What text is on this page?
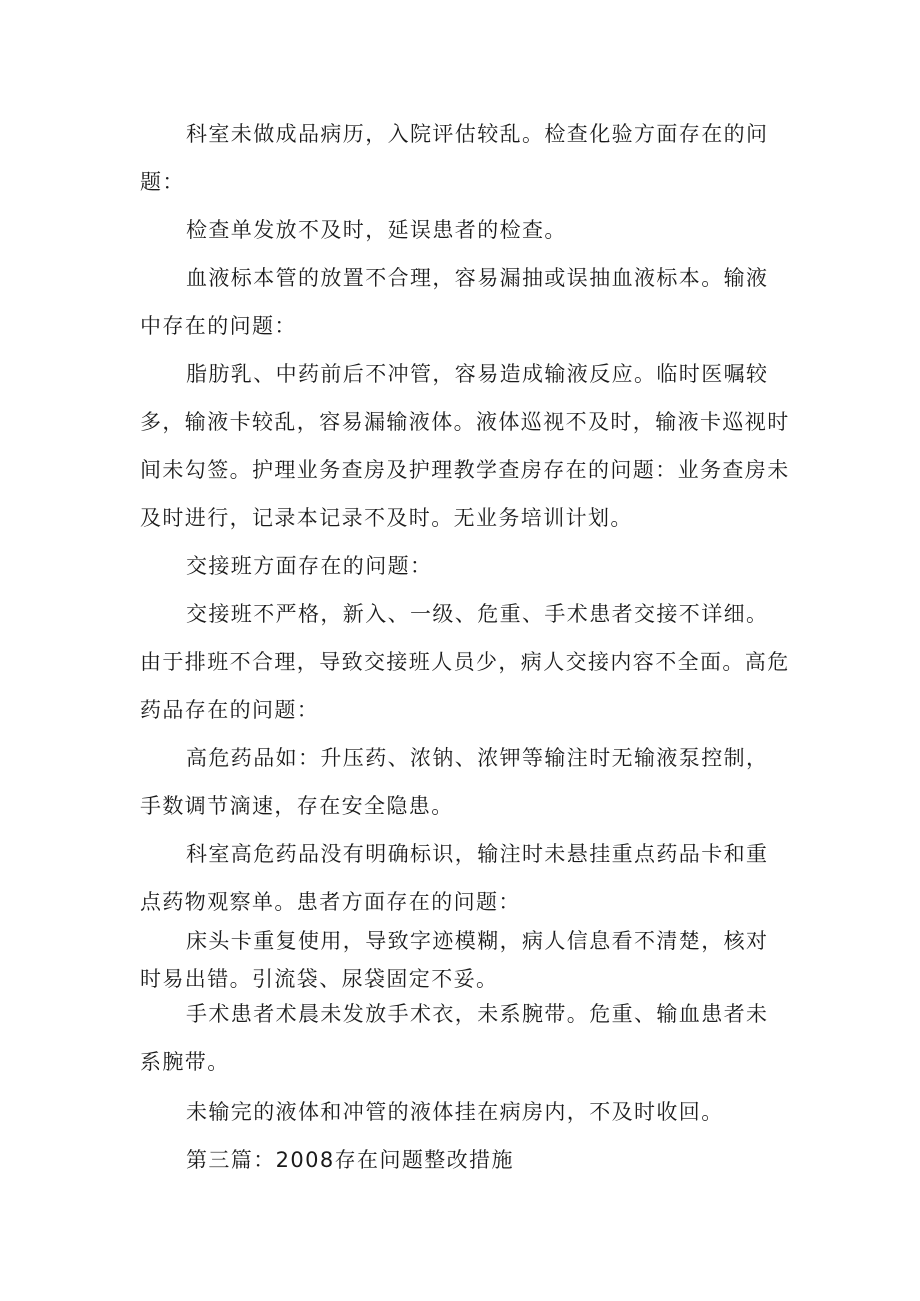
科室未做成品病历，入院评估较乱。检查化验方面存在的问题：

检查单发放不及时，延误患者的检查。

血液标本管的放置不合理，容易漏抽或误抽血液标本。输液中存在的问题：

脂肪乳、中药前后不冲管，容易造成输液反应。临时医嘱较多，输液卡较乱，容易漏输液体。液体巡视不及时，输液卡巡视时间未勾签。护理业务查房及护理教学查房存在的问题：业务查房未及时进行，记录本记录不及时。无业务培训计划。

交接班方面存在的问题：

交接班不严格，新入、一级、危重、手术患者交接不详细。由于排班不合理，导致交接班人员少，病人交接内容不全面。高危药品存在的问题：

高危药品如：升压药、浓钠、浓钾等输注时无输液泵控制，手数调节滴速，存在安全隐患。

科室高危药品没有明确标识，输注时未悬挂重点药品卡和重点药物观察单。患者方面存在的问题：

床头卡重复使用，导致字迹模糊，病人信息看不清楚，核对时易出错。引流袋、尿袋固定不妥。

手术患者术晨未发放手术衣，未系腕带。危重、输血患者未系腕带。

未输完的液体和冲管的液体挂在病房内，不及时收回。

第三篇：2008存在问题整改措施
